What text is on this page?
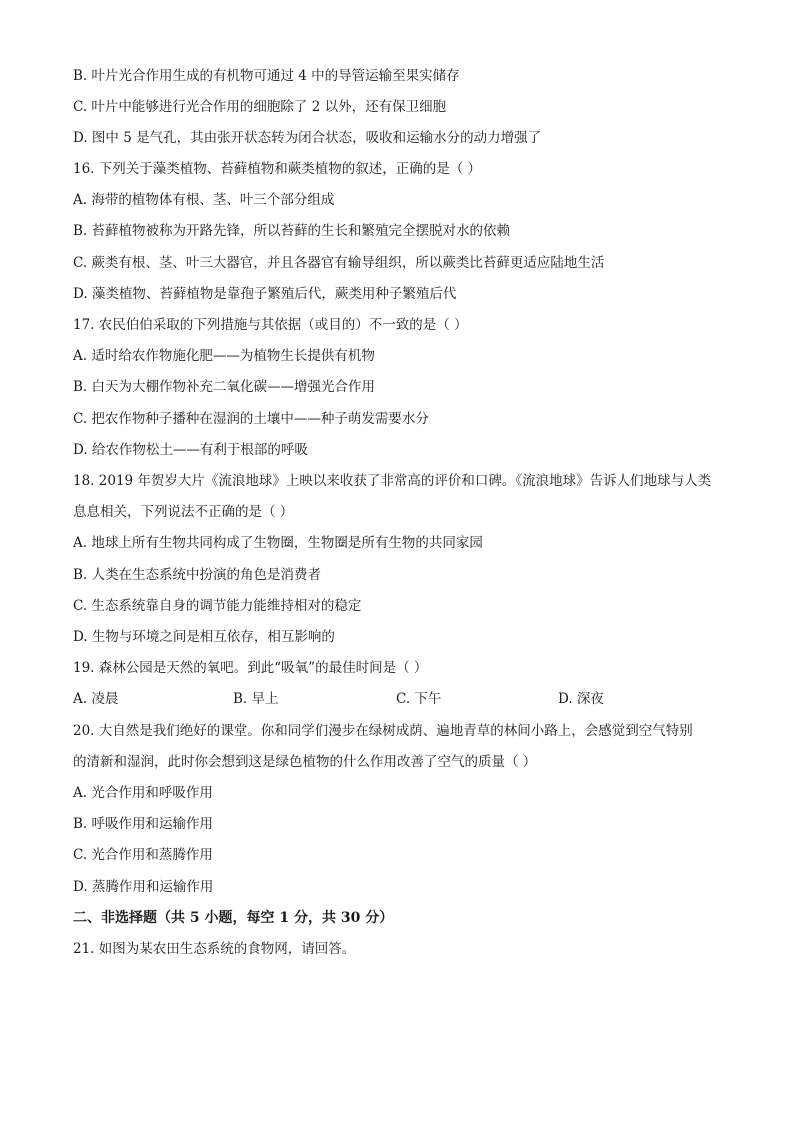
B. 叶片光合作用生成的有机物可通过 4 中的导管运输至果实储存
C. 叶片中能够进行光合作用的细胞除了 2 以外，还有保卫细胞
D. 图中 5 是气孔，其由张开状态转为闭合状态，吸收和运输水分的动力增强了
16. 下列关于藻类植物、苔藓植物和蕨类植物的叙述，正确的是（ ）
A. 海带的植物体有根、茎、叶三个部分组成
B. 苔藓植物被称为开路先锋，所以苔藓的生长和繁殖完全摆脱对水的依赖
C. 蕨类有根、茎、叶三大器官，并且各器官有输导组织，所以蕨类比苔藓更适应陆地生活
D. 藻类植物、苔藓植物是靠孢子繁殖后代，蕨类用种子繁殖后代
17. 农民伯伯采取的下列措施与其依据（或目的）不一致的是（ ）
A. 适时给农作物施化肥——为植物生长提供有机物
B. 白天为大棚作物补充二氧化碳——增强光合作用
C. 把农作物种子播种在湿润的土壤中——种子萌发需要水分
D. 给农作物松土——有利于根部的呼吸
18. 2019 年贺岁大片《流浪地球》上映以来收获了非常高的评价和口碑。《流浪地球》告诉人们地球与人类
息息相关，下列说法不正确的是（ ）
A. 地球上所有生物共同构成了生物圈，生物圈是所有生物的共同家园
B. 人类在生态系统中扮演的角色是消费者
C. 生态系统靠自身的调节能力能维持相对的稳定
D. 生物与环境之间是相互依存，相互影响的
19. 森林公园是天然的氧吧。到此“吸氧”的最佳时间是（ ）
A. 凌晨	B. 早上	C. 下午	D. 深夜
20. 大自然是我们绝好的课堂。你和同学们漫步在绿树成荫、遍地青草的林间小路上，会感觉到空气特别
的清新和湿润，此时你会想到这是绿色植物的什么作用改善了空气的质量（ ）
A. 光合作用和呼吸作用
B. 呼吸作用和运输作用
C. 光合作用和蒸腾作用
D. 蒸腾作用和运输作用
二、非选择题（共 5 小题，每空 1 分，共 30 分）
21. 如图为某农田生态系统的食物网，请回答。
